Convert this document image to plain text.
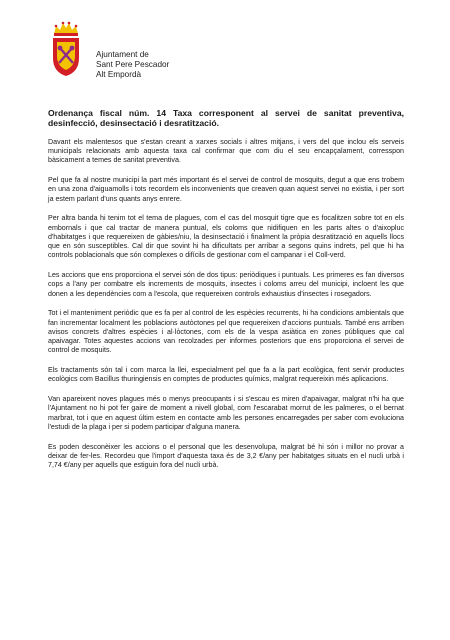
Ajuntament de
Sant Pere Pescador
Alt Empordà

Ordenança fiscal núm. 14 Taxa corresponent al servei de sanitat preventiva, desinfecció, desinsectació i desratització.

Davant els malentesos que s'estan creant a xarxes socials i altres mitjans, i vers del que inclou els serveis municipals relacionats amb aquesta taxa cal confirmar que com diu el seu encapçalament, corresspon bàsicament a temes de sanitat preventiva.

Pel que fa al nostre municipi la part més important és el servei de control de mosquits, degut a que ens trobem en una zona d'aiguamolls i tots recordem els inconvenients que creaven quan aquest servei no existia, i per sort ja estem parlant d'uns quants anys enrere.

Per altra banda hi tenim tot el tema de plagues, com el cas del mosquit tigre que es focalitzen sobre tot en els embornals i que cal tractar de manera puntual, els coloms que nidifiquen en les parts altes o d'aixopluc d'habitatges i que requereixen de gàbies/niu, la desinsectació i finalment la pròpia desratització en aquells llocs que en són susceptibles. Cal dir que sovint hi ha dificultats per arribar a segons quins indrets, pel que hi ha controls poblacionals que són complexes o difícils de gestionar com el campanar i el Coll-verd.

Les accions que ens proporciona el servei són de dos tipus: periòdiques i puntuals. Les primeres es fan diversos cops a l'any per combatre els increments de mosquits, insectes i coloms arreu del municipi, incloent les que donen a les dependències com a l'escola, que requereixen controls exhaustius d'insectes i rosegadors.

Tot i el manteniment periòdic que es fa per al control de les espècies recurrents, hi ha condicions ambientals que fan incrementar localment les poblacions autòctones pel que requereixen d'accions puntuals. També ens arriben avisos concrets d'altres espècies i al·lòctones, com els de la vespa asiàtica en zones públiques que cal apaivagar. Totes aquestes accions van recolzades per informes posteriors que ens proporciona el servei de control de mosquits.

Els tractaments són tal i com marca la llei, especialment pel que fa a la part ecològica, fent servir productes ecològics com Bacillus thuringiensis en comptes de productes químics, malgrat requereixin més aplicacions.

Van apareixent noves plagues més o menys preocupants i si s'escau es miren d'apaivagar, malgrat n'hi ha que l'Ajuntament no hi pot fer gaire de moment a nivell global, com l'escarabat morrut de les palmeres, o el bernat marbrat, tot i que en aquest últim estem en contacte amb les persones encarregades per saber com evoluciona l'estudi de la plaga i per si podem participar d'alguna manera.

Es poden desconèixer les accions o el personal que les desenvolupa, malgrat bé hi són i millor no provar a deixar de fer-les. Recordeu que l'import d'aquesta taxa és de 3,2 €/any per habitatges situats en el nucli urbà i 7,74 €/any per aquells que estiguin fora del nucli urbà.
